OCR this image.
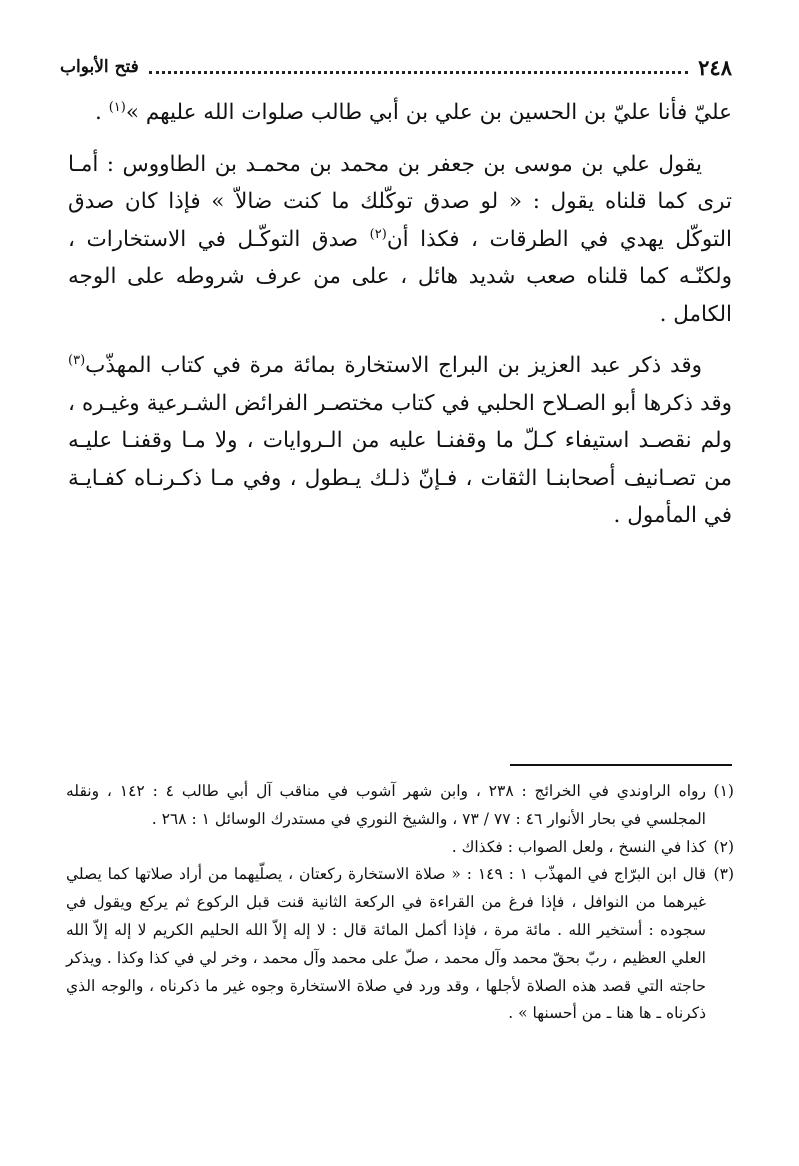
٢٤٨
فتح الأبواب

عليّ فأنا عليّ بن الحسين بن علي بن أبي طالب صلوات الله عليهم »$^{(١)}$ .

يقول علي بن موسى بن جعفر بن محمد بن محمـد بن الطاووس : أمـا ترى كما قلناه يقول : « لو صدق توكّلك ما كنت ضالاّ » فإذا كان صدق التوكّل يهدي في الطرقات ، فكذا أن$^{(٢)}$ صدق التوكّـل في الاستخارات ، ولكنّـه كما قلناه صعب شديد هائل ، على من عرف شروطه على الوجه الكامل .

وقد ذكر عبد العزيز بن البراج الاستخارة بمائة مرة في كتاب المهذّب$^{(٣)}$ وقد ذكرها أبو الصـلاح الحلبي في كتاب مختصـر الفرائض الشـرعية وغيـره ، ولم نقصـد استيفاء كـلّ ما وقفنـا عليه من الـروايات ، ولا مـا وقفنـا عليـه من تصـانيف أصحابنـا الثقات ، فـإنّ ذلـك يـطول ، وفي مـا ذكـرنـاه كفـايـة في المأمول .

(١)رواه الراوندي في الخرائج : ٢٣٨ ، وابن شهر آشوب في مناقب آل أبي طالب ٤ : ١٤٢ ، ونقله المجلسي في بحار الأنوار ٤٦ : ٧٧ / ٧٣ ، والشيخ النوري في مستدرك الوسائل ١ : ٢٦٨ .

(٢)كذا في النسخ ، ولعل الصواب : فكذاك .

(٣)قال ابن البرّاج في المهذّب ١ : ١٤٩ : « صلاة الاستخارة ركعتان ، يصلّيهما من أراد صلاتها كما يصلي غيرهما من النوافل ، فإذا فرغ من القراءة في الركعة الثانية قنت قبل الركوع ثم يركع ويقول في سجوده : أستخير الله . مائة مرة ، فإذا أكمل المائة قال : لا إله إلاّ الله الحليم الكريم لا إله إلاّ الله العلي العظيم ، ربّ بحقّ محمد وآل محمد ، صلّ على محمد وآل محمد ، وخر لي في كذا وكذا . ويذكر حاجته التي قصد هذه الصلاة لأجلها ، وقد ورد في صلاة الاستخارة وجوه غير ما ذكرناه ، والوجه الذي ذكرناه ـ ها هنا ـ من أحسنها » .
